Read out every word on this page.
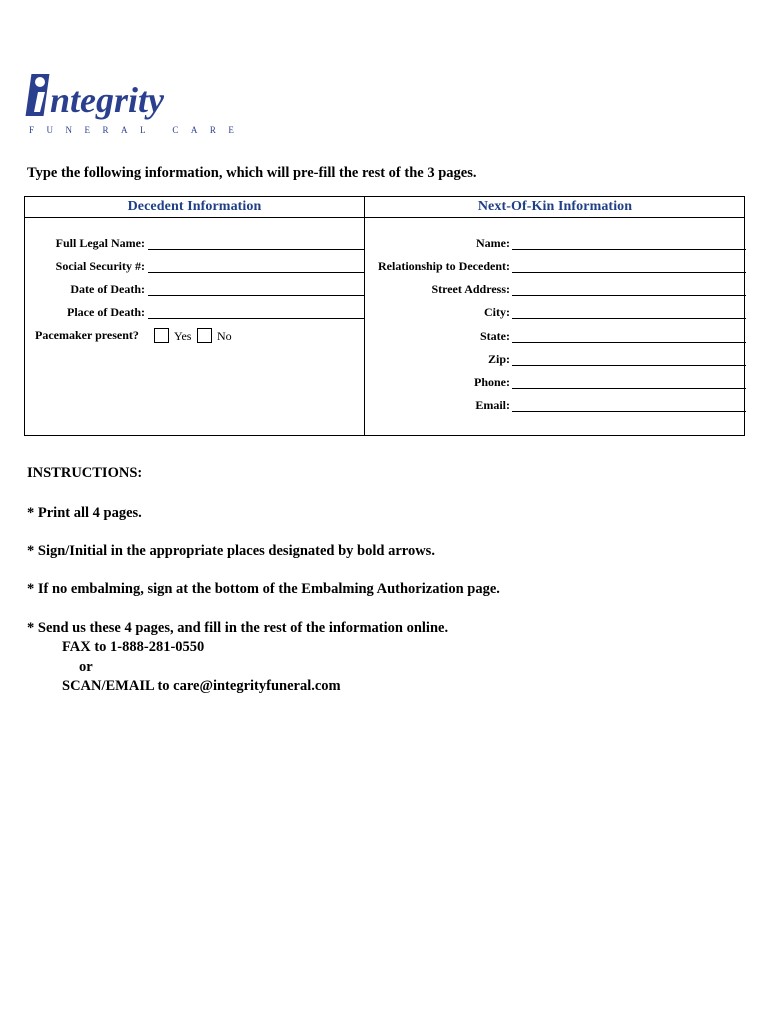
ntegrity
FUNERAL CARE
Type the following information, which will pre-fill the rest of the 3 pages.
Decedent Information	Next-Of-Kin Information
Full Legal Name:
Social Security #:
Date of Death:
Place of Death:
Pacemaker present?	Yes No
Name:
Relationship to Decedent:
Street Address:
City:
State:
Zip:
Phone:
Email:
INSTRUCTIONS:
* Print all 4 pages.
* Sign/Initial in the appropriate places designated by bold arrows.
* If no embalming, sign at the bottom of the Embalming Authorization page.
* Send us these 4 pages, and fill in the rest of the information online.
FAX to 1-888-281-0550
or
SCAN/EMAIL to care@integrityfuneral.com
